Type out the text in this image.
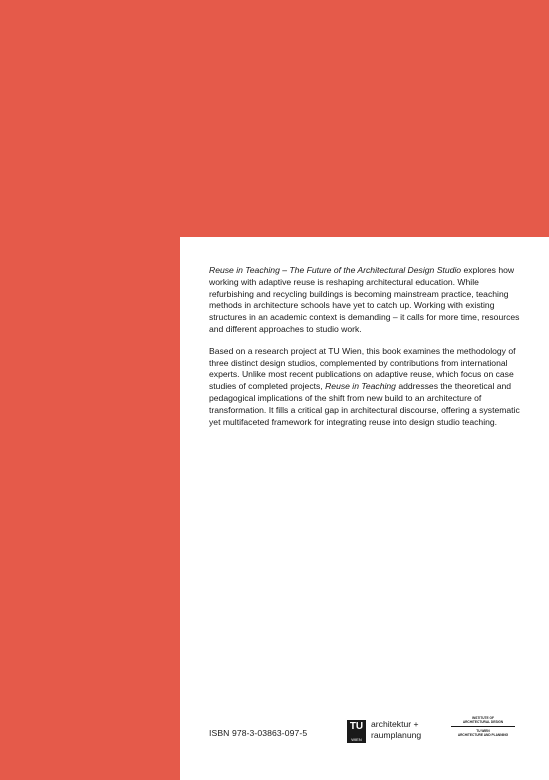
Reuse in Teaching – The Future of the Architectural Design Studio explores how working with adaptive reuse is reshaping architectural education. While refurbishing and recycling buildings is becoming mainstream practice, teaching methods in architecture schools have yet to catch up. Working with existing structures in an academic context is demanding – it calls for more time, resources and different approaches to studio work.

Based on a research project at TU Wien, this book examines the methodology of three distinct design studios, complemented by contributions from international experts. Unlike most recent publications on adaptive reuse, which focus on case studies of completed projects, Reuse in Teaching addresses the theoretical and pedagogical implications of the shift from new build to an architecture of transformation. It fills a critical gap in architectural discourse, offering a systematic yet multifaceted framework for integrating reuse into design studio teaching.

ISBN 978-3-03863-097-5
TU
WIEN
architektur +
raumplanung
INSTITUTE OF
ARCHITECTURAL DESIGN
TU WIEN
ARCHITECTURE AND PLANNING
